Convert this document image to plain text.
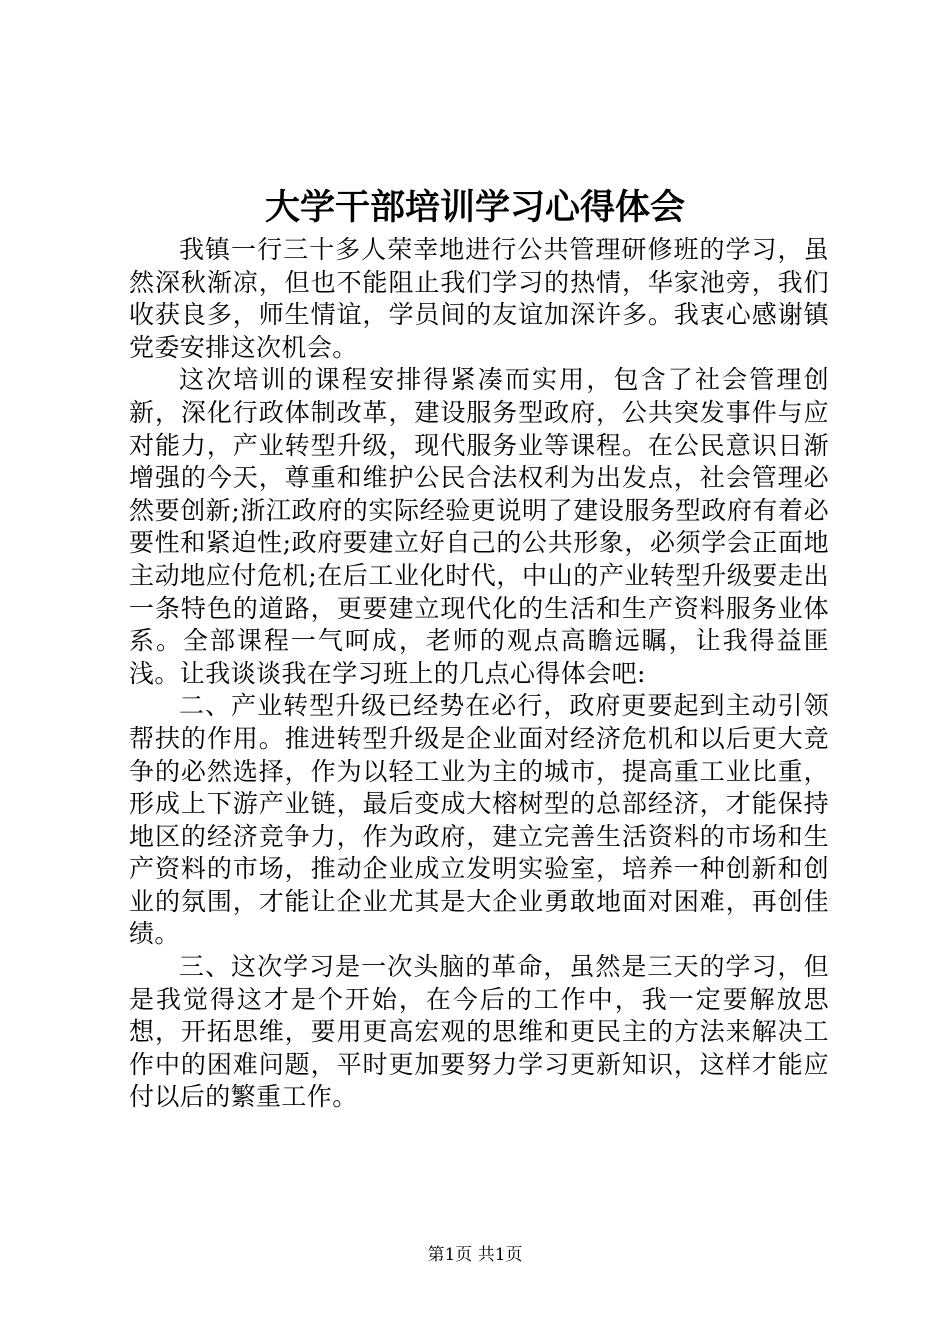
大学干部培训学习心得体会

我镇一行三十多人荣幸地进行公共管理研修班的学习，虽然深秋渐凉，但也不能阻止我们学习的热情，华家池旁，我们收获良多，师生情谊，学员间的友谊加深许多。我衷心感谢镇党委安排这次机会。

这次培训的课程安排得紧凑而实用，包含了社会管理创新，深化行政体制改革，建设服务型政府，公共突发事件与应对能力，产业转型升级，现代服务业等课程。在公民意识日渐增强的今天，尊重和维护公民合法权利为出发点，社会管理必然要创新;浙江政府的实际经验更说明了建设服务型政府有着必要性和紧迫性;政府要建立好自己的公共形象，必须学会正面地主动地应付危机;在后工业化时代，中山的产业转型升级要走出一条特色的道路，更要建立现代化的生活和生产资料服务业体系。全部课程一气呵成，老师的观点高瞻远瞩，让我得益匪浅。让我谈谈我在学习班上的几点心得体会吧:

二、产业转型升级已经势在必行，政府更要起到主动引领帮扶的作用。推进转型升级是企业面对经济危机和以后更大竞争的必然选择，作为以轻工业为主的城市，提高重工业比重，形成上下游产业链，最后变成大榕树型的总部经济，才能保持地区的经济竞争力，作为政府，建立完善生活资料的市场和生产资料的市场，推动企业成立发明实验室，培养一种创新和创业的氛围，才能让企业尤其是大企业勇敢地面对困难，再创佳绩。

三、这次学习是一次头脑的革命，虽然是三天的学习，但是我觉得这才是个开始，在今后的工作中，我一定要解放思想，开拓思维，要用更高宏观的思维和更民主的方法来解决工作中的困难问题，平时更加要努力学习更新知识，这样才能应付以后的繁重工作。

第1页 共1页
